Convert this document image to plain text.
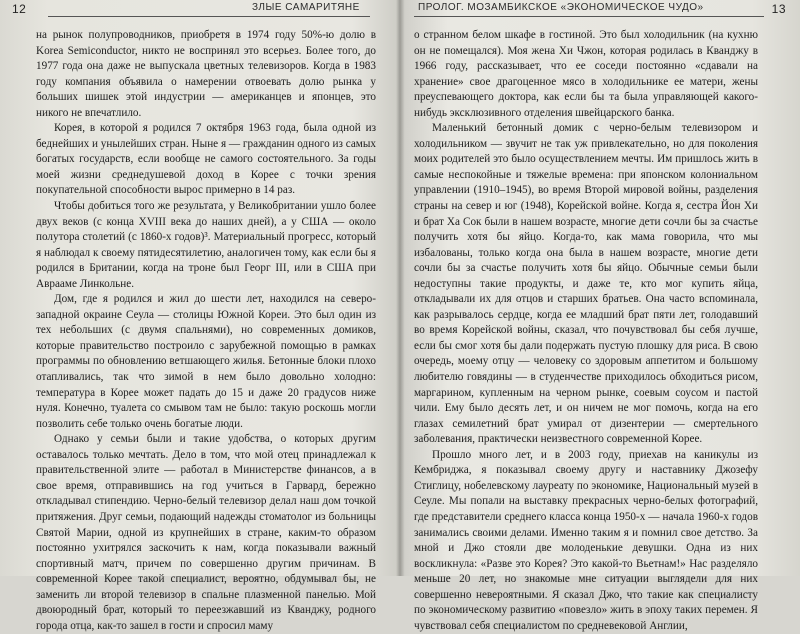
12	ЗЛЫЕ САМАРИТЯНЕ

на рынок полупроводников, приобретя в 1974 году 50%-ю долю в Korea Semiconductor, никто не воспринял это всерьез. Более того, до 1977 года она даже не выпускала цветных телевизоров. Когда в 1983 году компания объявила о намерении отвоевать долю рынка у больших шишек этой индустрии — американцев и японцев, это никого не впечатлило.

Корея, в которой я родился 7 октября 1963 года, была одной из беднейших и унылейших стран. Ныне я — гражданин одного из самых богатых государств, если вообще не самого состоятельного. За годы моей жизни среднедушевой доход в Корее с точки зрения покупательной способности вырос примерно в 14 раз.

Чтобы добиться того же результата, у Великобритании ушло более двух веков (с конца XVIII века до наших дней), а у США — около полутора столетий (с 1860-х годов)³. Материальный прогресс, который я наблюдал к своему пятидесятилетию, аналогичен тому, как если бы я родился в Британии, когда на троне был Георг III, или в США при Аврааме Линкольне.

Дом, где я родился и жил до шести лет, находился на северо-западной окраине Сеула — столицы Южной Кореи. Это был один из тех небольших (с двумя спальнями), но современных домиков, которые правительство построило с зарубежной помощью в рамках программы по обновлению ветшающего жилья. Бетонные блоки плохо отапливались, так что зимой в нем было довольно холодно: температура в Корее может падать до 15 и даже 20 градусов ниже нуля. Конечно, туалета со смывом там не было: такую роскошь могли позволить себе только очень богатые люди.

Однако у семьи были и такие удобства, о которых другим оставалось только мечтать. Дело в том, что мой отец принадлежал к правительственной элите — работал в Министерстве финансов, а в свое время, отправившись на год учиться в Гарвард, бережно откладывал стипендию. Черно-белый телевизор делал наш дом точкой притяжения. Друг семьи, подающий надежды стоматолог из больницы Святой Марии, одной из крупнейших в стране, каким-то образом постоянно ухитрялся заскочить к нам, когда показывали важный спортивный матч, причем по совершенно другим причинам. В современной Корее такой специалист, вероятно, обдумывал бы, не заменить ли второй телевизор в спальне плазменной панелью. Мой двоюродный брат, который то переезжавший из Кванджу, родного города отца, как-то зашел в гости и спросил маму

ПРОЛОГ. МОЗАМБИКСКОЕ «ЭКОНОМИЧЕСКОЕ ЧУДО»	13

о странном белом шкафе в гостиной. Это был холодильник (на кухню он не помещался). Моя жена Хи Чжон, которая родилась в Кванджу в 1966 году, рассказывает, что ее соседи постоянно «сдавали на хранение» свое драгоценное мясо в холодильнике ее матери, жены преуспевающего доктора, как если бы та была управляющей какого-нибудь эксклюзивного отделения швейцарского банка.

Маленький бетонный домик с черно-белым телевизором и холодильником — звучит не так уж привлекательно, но для поколения моих родителей это было осуществлением мечты. Им пришлось жить в самые неспокойные и тяжелые времена: при японском колониальном управлении (1910–1945), во время Второй мировой войны, разделения страны на север и юг (1948), Корейской войне. Когда я, сестра Йон Хи и брат Ха Сок были в нашем возрасте, многие дети сочли бы за счастье получить хотя бы яйцо. Когда-то, как мама говорила, что мы избалованы, только когда она была в нашем возрасте, многие дети сочли бы за счастье получить хотя бы яйцо. Обычные семьи были недоступны такие продукты, и даже те, кто мог купить яйца, откладывали их для отцов и старших братьев. Она часто вспоминала, как разрывалось сердце, когда ее младший брат пяти лет, голодавший во время Корейской войны, сказал, что почувствовал бы себя лучше, если бы смог хотя бы дали подержать пустую плошку для риса. В свою очередь, моему отцу — человеку со здоровым аппетитом и большому любителю говядины — в студенчестве приходилось обходиться рисом, маргарином, купленным на черном рынке, соевым соусом и пастой чили. Ему было десять лет, и он ничем не мог помочь, когда на его глазах семилетний брат умирал от дизентерии — смертельного заболевания, практически неизвестного современной Корее.

Прошло много лет, и в 2003 году, приехав на каникулы из Кембриджа, я показывал своему другу и наставнику Джозефу Стиглицу, нобелевскому лауреату по экономике, Национальный музей в Сеуле. Мы попали на выставку прекрасных черно-белых фотографий, где представители среднего класса конца 1950-х — начала 1960-х годов занимались своими делами. Именно таким я и помнил свое детство. За мной и Джо стояли две молоденькие девушки. Одна из них воскликнула: «Разве это Корея? Это какой-то Вьетнам!» Нас разделяло меньше 20 лет, но знакомые мне ситуации выглядели для них совершенно невероятными. Я сказал Джо, что такие как специалисту по экономическому развитию «повезло» жить в эпоху таких перемен. Я чувствовал себя специалистом по средневековой Англии,
